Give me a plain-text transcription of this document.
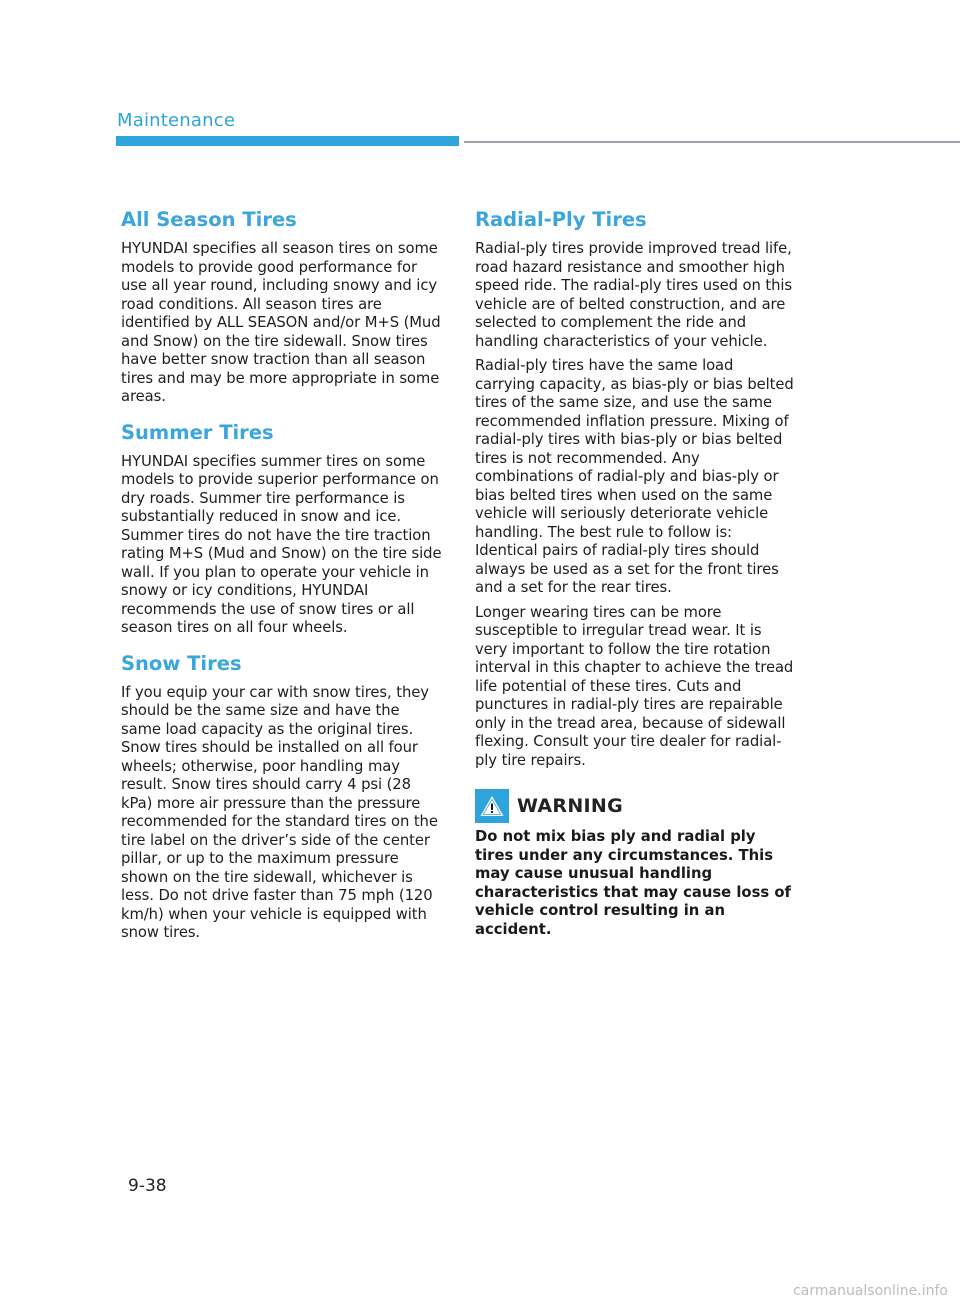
Maintenance
All Season Tires

HYUNDAI specifies all season tires on some models to provide good performance for use all year round, including snowy and icy road conditions. All season tires are identified by ALL SEASON and/or M+S (Mud and Snow) on the tire sidewall. Snow tires have better snow traction than all season tires and may be more appropriate in some areas.

Summer Tires

HYUNDAI specifies summer tires on some models to provide superior performance on dry roads. Summer tire performance is substantially reduced in snow and ice. Summer tires do not have the tire traction rating M+S (Mud and Snow) on the tire side wall. If you plan to operate your vehicle in snowy or icy conditions, HYUNDAI recommends the use of snow tires or all season tires on all four wheels.

Snow Tires

If you equip your car with snow tires, they should be the same size and have the same load capacity as the original tires. Snow tires should be installed on all four wheels; otherwise, poor handling may result. Snow tires should carry 4 psi (28 kPa) more air pressure than the pressure recommended for the standard tires on the tire label on the driver’s side of the center pillar, or up to the maximum pressure shown on the tire sidewall, whichever is less. Do not drive faster than 75 mph (120 km/h) when your vehicle is equipped with snow tires.

Radial-Ply Tires

Radial-ply tires provide improved tread life, road hazard resistance and smoother high speed ride. The radial-ply tires used on this vehicle are of belted construction, and are selected to complement the ride and handling characteristics of your vehicle.

Radial-ply tires have the same load carrying capacity, as bias-ply or bias belted tires of the same size, and use the same recommended inflation pressure. Mixing of radial-ply tires with bias-ply or bias belted tires is not recommended. Any combinations of radial-ply and bias-ply or bias belted tires when used on the same vehicle will seriously deteriorate vehicle handling. The best rule to follow is: Identical pairs of radial-ply tires should always be used as a set for the front tires and a set for the rear tires.

Longer wearing tires can be more susceptible to irregular tread wear. It is very important to follow the tire rotation interval in this chapter to achieve the tread life potential of these tires. Cuts and punctures in radial-ply tires are repairable only in the tread area, because of sidewall flexing. Consult your tire dealer for radial-ply tire repairs.

WARNING

Do not mix bias ply and radial ply tires under any circumstances. This may cause unusual handling characteristics that may cause loss of vehicle control resulting in an accident.

9-38
carmanualsonline.info
